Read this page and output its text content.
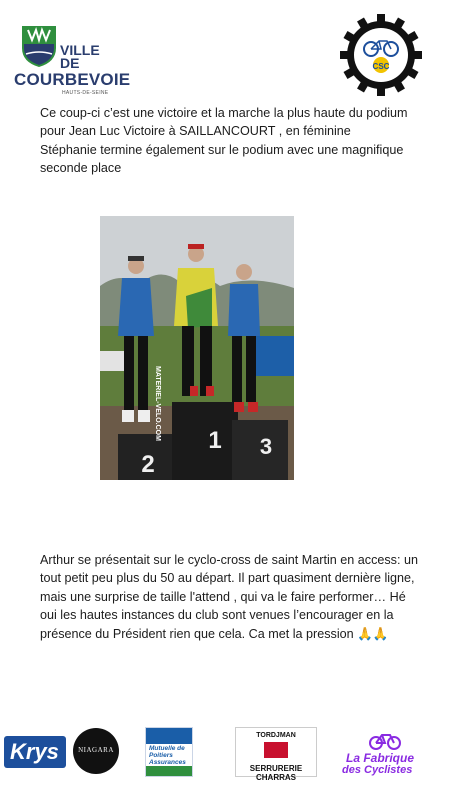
VILLE
DE
COURBEVOIE
HAUTS-DE-SEINE
CSC
Ce coup-ci c’est une victoire et la marche la plus haute du podium pour Jean Luc Victoire à SAILLANCOURT , en féminine Stéphanie termine également sur le podium avec une magnifique seconde place
2
1 3
MATERIEL-VELO.COM
Arthur se présentait sur le cyclo-cross de saint Martin en access: un tout petit peu plus du 50 au départ. Il part quasiment dernière ligne, mais une surprise de taille l'attend , qui va le faire performer… Hé oui les hautes instances du club sont venues l’encourager en la présence du Président rien que cela. Ca met la pression 🙏🙏
Krys	NIAGARA	Mutuelle de Poitiers Assurances
TORDJMAN
SERRURERIE CHARRAS
La Fabrique
des Cyclistes
